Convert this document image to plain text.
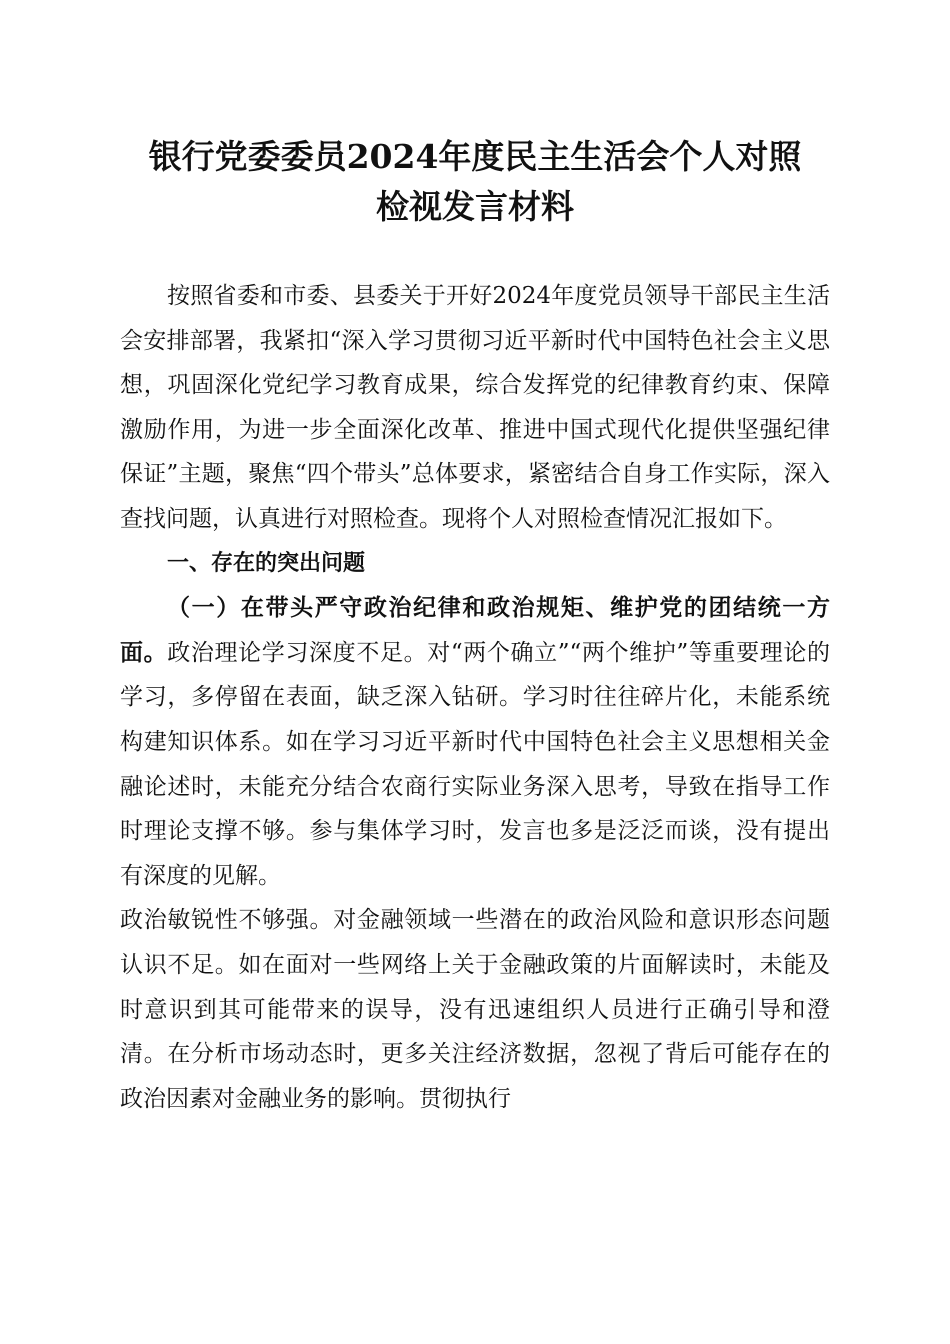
银行党委委员2024年度民主生活会个人对照
检视发言材料

按照省委和市委、县委关于开好2024年度党员领导干部民主生活会安排部署，我紧扣“深入学习贯彻习近平新时代中国特色社会主义思想，巩固深化党纪学习教育成果，综合发挥党的纪律教育约束、保障激励作用，为进一步全面深化改革、推进中国式现代化提供坚强纪律保证”主题，聚焦“四个带头”总体要求，紧密结合自身工作实际，深入查找问题，认真进行对照检查。现将个人对照检查情况汇报如下。

一、存在的突出问题

（一）在带头严守政治纪律和政治规矩、维护党的团结统一方面。政治理论学习深度不足。对“两个确立”“两个维护”等重要理论的学习，多停留在表面，缺乏深入钻研。学习时往往碎片化，未能系统构建知识体系。如在学习习近平新时代中国特色社会主义思想相关金融论述时，未能充分结合农商行实际业务深入思考，导致在指导工作时理论支撑不够。参与集体学习时，发言也多是泛泛而谈，没有提出有深度的见解。

政治敏锐性不够强。对金融领域一些潜在的政治风险和意识形态问题认识不足。如在面对一些网络上关于金融政策的片面解读时，未能及时意识到其可能带来的误导，没有迅速组织人员进行正确引导和澄清。在分析市场动态时，更多关注经济数据，忽视了背后可能存在的政治因素对金融业务的影响。贯彻执行
